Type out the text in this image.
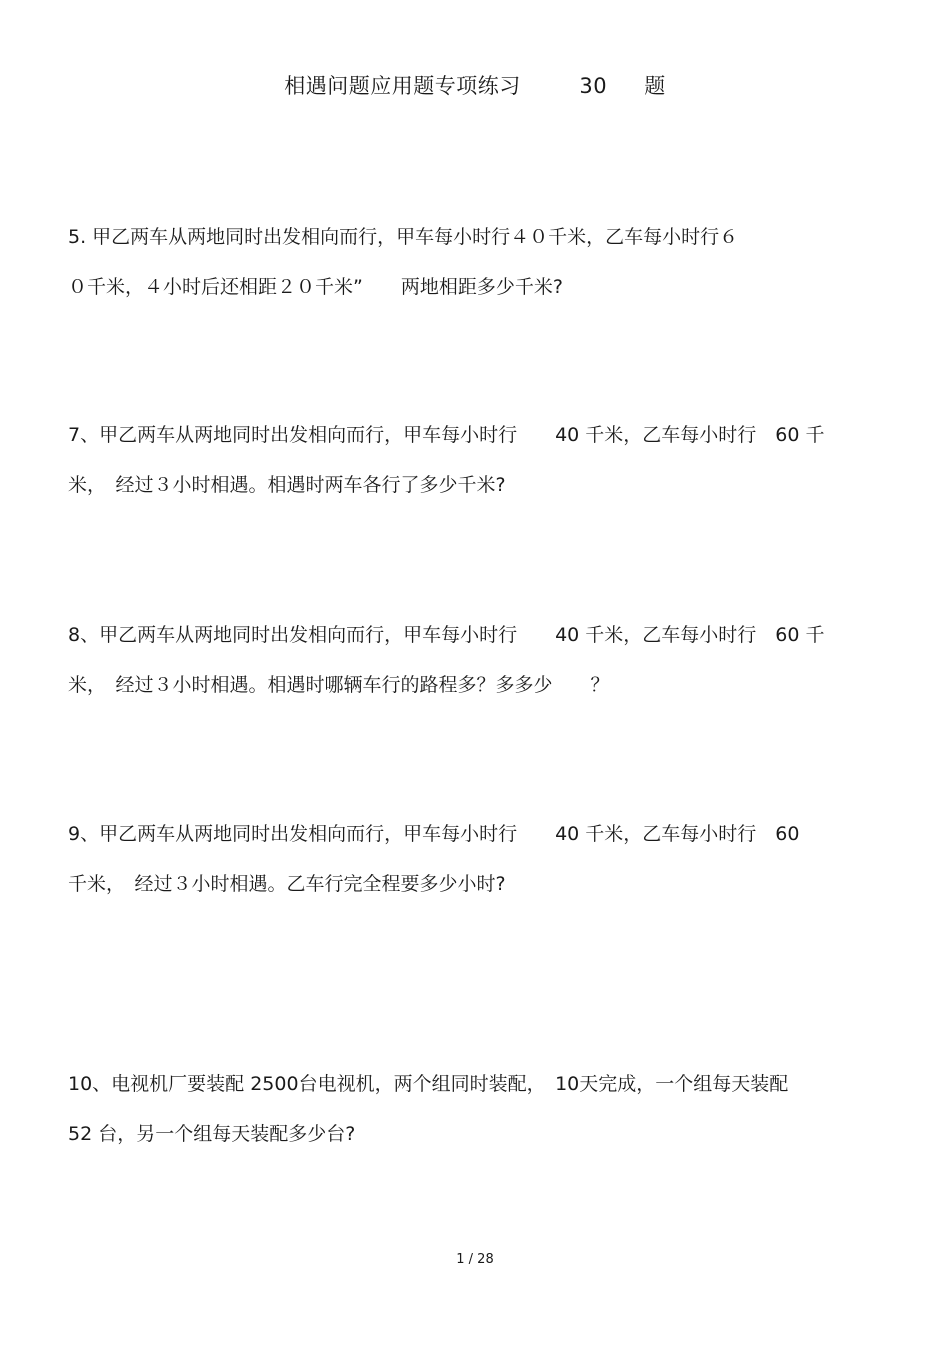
相遇问题应用题专项练习　 30 题
5. 甲乙两车从两地同时出发相向而行，甲车每小时行４０千米，乙车每小时行６
０千米，４小时后还相距２０千米”　　两地相距多少千米?
7、甲乙两车从两地同时出发相向而行，甲车每小时行　　40 千米，乙车每小时行　60 千
米，　经过３小时相遇。相遇时两车各行了多少千米?
8、甲乙两车从两地同时出发相向而行，甲车每小时行　　40 千米，乙车每小时行　60 千
米，　经过３小时相遇。相遇时哪辆车行的路程多？多多少　　？
9、甲乙两车从两地同时出发相向而行，甲车每小时行　　40 千米，乙车每小时行　60
千米，　经过３小时相遇。乙车行完全程要多少小时?
10、电视机厂要装配 2500台电视机，两个组同时装配，　10天完成，一个组每天装配
52 台，另一个组每天装配多少台?
1 / 28
